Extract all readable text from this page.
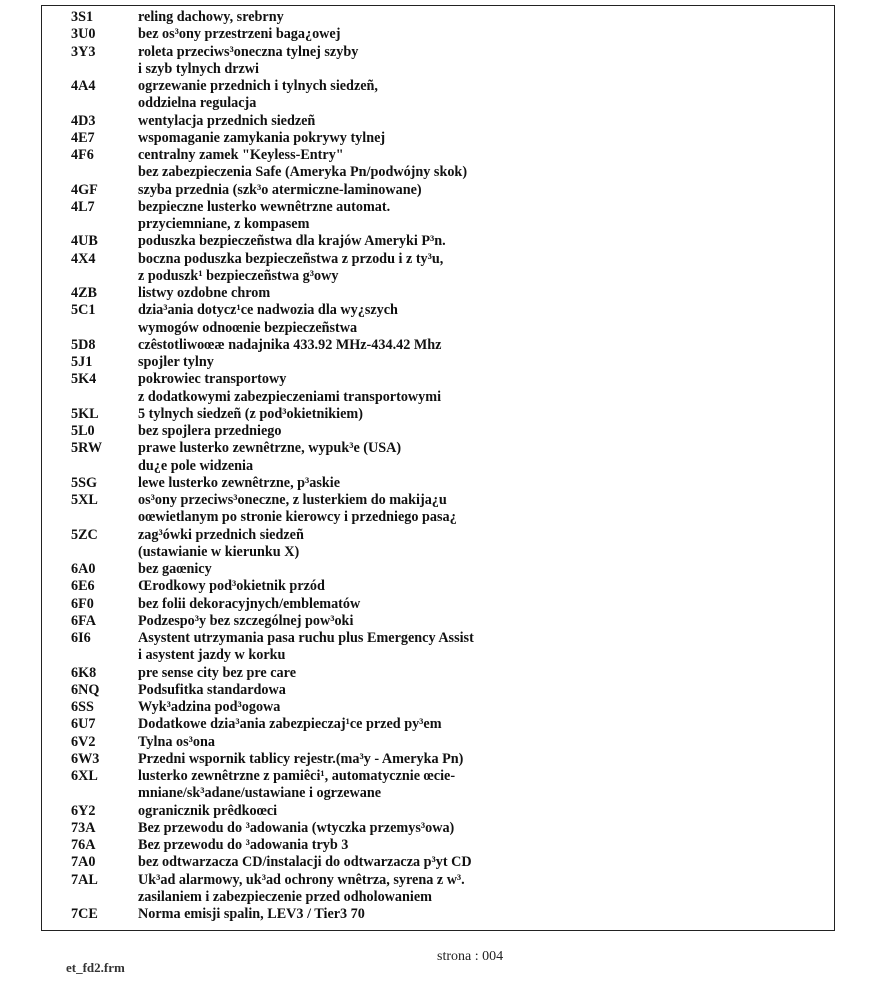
3S1	reling dachowy, srebrny
3U0	bez os³ony przestrzeni baga¿owej
3Y3	roleta przeciws³oneczna tylnej szyby
i szyb tylnych drzwi
4A4	ogrzewanie przednich i tylnych siedzeñ,
oddzielna regulacja
4D3	wentylacja przednich siedzeñ
4E7	wspomaganie zamykania pokrywy tylnej
4F6	centralny zamek "Keyless-Entry"
bez zabezpieczenia Safe (Ameryka Pn/podwójny skok)
4GF	szyba przednia (szk³o atermiczne-laminowane)
4L7	bezpieczne lusterko wewnêtrzne automat.
przyciemniane, z kompasem
4UB	poduszka bezpieczeñstwa dla krajów Ameryki P³n.
4X4	boczna poduszka bezpieczeñstwa z przodu i z ty³u,
z poduszk¹ bezpieczeñstwa g³owy
4ZB	listwy ozdobne chrom
5C1	dzia³ania dotycz¹ce nadwozia dla wy¿szych
wymogów odnoœnie bezpieczeñstwa
5D8	czêstotliwoœæ nadajnika 433.92 MHz-434.42 Mhz
5J1	spojler tylny
5K4	pokrowiec transportowy
z dodatkowymi zabezpieczeniami transportowymi
5KL	5 tylnych siedzeñ (z pod³okietnikiem)
5L0	bez spojlera przedniego
5RW	prawe lusterko zewnêtrzne, wypuk³e (USA)
du¿e pole widzenia
5SG	lewe lusterko zewnêtrzne, p³askie
5XL	os³ony przeciws³oneczne, z lusterkiem do makija¿u
oœwietlanym po stronie kierowcy i przedniego pasa¿
5ZC	zag³ówki przednich siedzeñ
(ustawianie w kierunku X)
6A0	bez gaœnicy
6E6	Œrodkowy pod³okietnik przód
6F0	bez folii dekoracyjnych/emblematów
6FA	Podzespo³y bez szczególnej pow³oki
6I6	Asystent utrzymania pasa ruchu plus Emergency Assist
i asystent jazdy w korku
6K8	pre sense city bez pre care
6NQ	Podsufitka standardowa
6SS	Wyk³adzina pod³ogowa
6U7	Dodatkowe dzia³ania zabezpieczaj¹ce przed py³em
6V2	Tylna os³ona
6W3	Przedni wspornik tablicy rejestr.(ma³y - Ameryka Pn)
6XL	lusterko zewnêtrzne z pamiêci¹, automatycznie œcie-
mniane/sk³adane/ustawiane i ogrzewane
6Y2	ogranicznik prêdkoœci
73A	Bez przewodu do ³adowania (wtyczka przemys³owa)
76A	Bez przewodu do ³adowania tryb 3
7A0	bez odtwarzacza CD/instalacji do odtwarzacza p³yt CD
7AL	Uk³ad alarmowy, uk³ad ochrony wnêtrza, syrena z w³.
zasilaniem i zabezpieczenie przed odholowaniem
7CE	Norma emisji spalin, LEV3 / Tier3 70
strona : 004
et_fd2.frm
